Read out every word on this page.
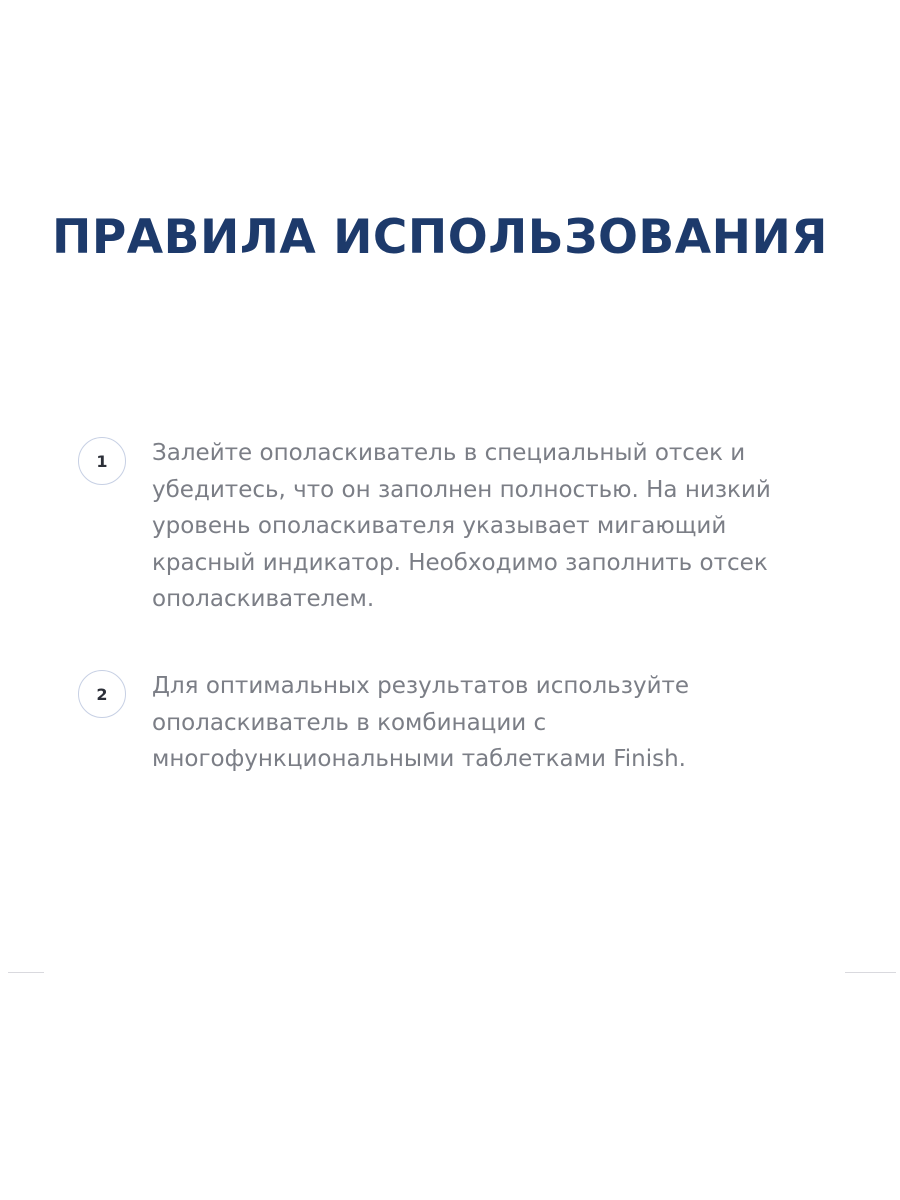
ПРАВИЛА ИСПОЛЬЗОВАНИЯ
1 Залейте ополаскиватель в специальный отсек и убедитесь, что он заполнен полностью. На низкий уровень ополаскивателя указывает мигающий красный индикатор. Необходимо заполнить отсек ополаскивателем.

2 Для оптимальных результатов используйте ополаскиватель в комбинации с многофункциональными таблетками Finish.
